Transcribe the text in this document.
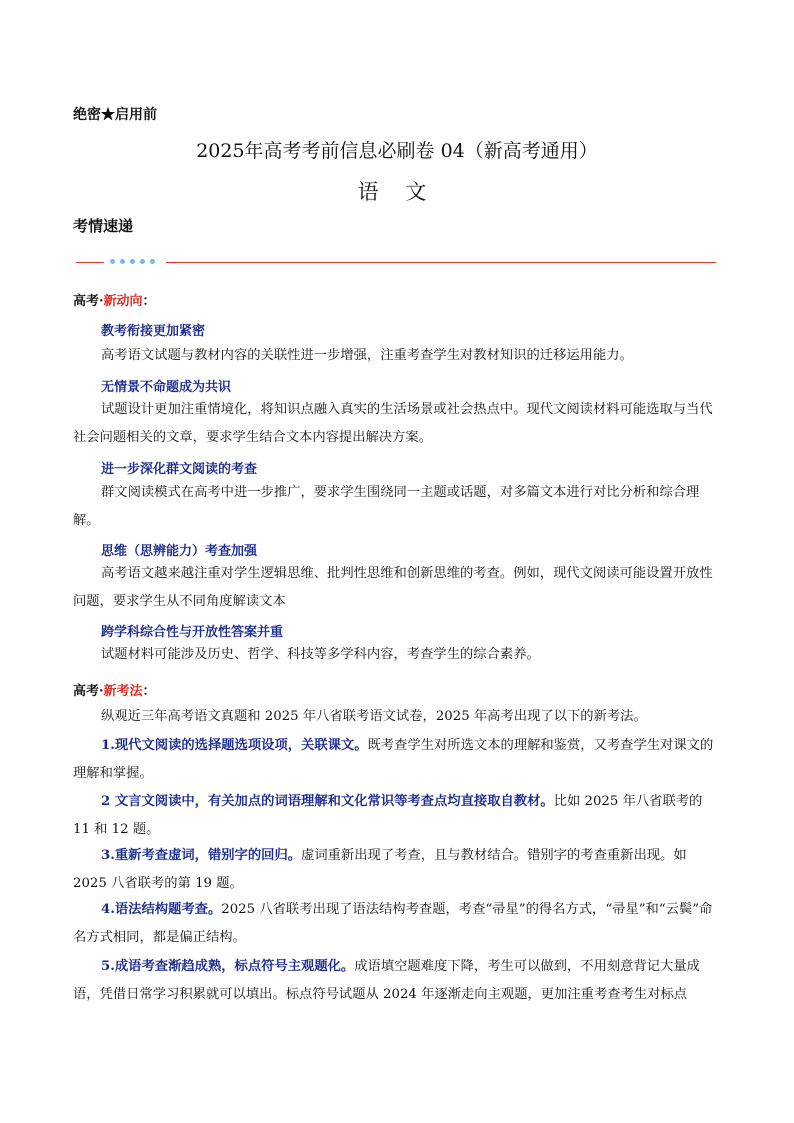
绝密★启用前
2025年高考考前信息必刷卷 04（新高考通用）
语 文
考情速递
高考·新动向：
教考衔接更加紧密
高考语文试题与教材内容的关联性进一步增强，注重考查学生对教材知识的迁移运用能力。
无情景不命题成为共识
试题设计更加注重情境化，将知识点融入真实的生活场景或社会热点中。现代文阅读材料可能选取与当代社会问题相关的文章，要求学生结合文本内容提出解决方案。
进一步深化群文阅读的考查
群文阅读模式在高考中进一步推广，要求学生围绕同一主题或话题，对多篇文本进行对比分析和综合理解。
思维（思辨能力）考查加强
高考语文越来越注重对学生逻辑思维、批判性思维和创新思维的考查。例如，现代文阅读可能设置开放性问题，要求学生从不同角度解读文本
跨学科综合性与开放性答案并重
试题材料可能涉及历史、哲学、科技等多学科内容，考查学生的综合素养。
高考·新考法：
纵观近三年高考语文真题和 2025 年八省联考语文试卷，2025 年高考出现了以下的新考法。
1.现代文阅读的选择题选项设项，关联课文。既考查学生对所选文本的理解和鉴赏，又考查学生对课文的理解和掌握。
2 文言文阅读中，有关加点的词语理解和文化常识等考查点均直接取自教材。比如 2025 年八省联考的 11 和 12 题。
3.重新考查虚词，错别字的回归。虚词重新出现了考查，且与教材结合。错别字的考查重新出现。如 2025 八省联考的第 19 题。
4.语法结构题考查。2025 八省联考出现了语法结构考查题，考查“帚星”的得名方式，“帚星”和“云鬓”命名方式相同，都是偏正结构。
5.成语考查渐趋成熟，标点符号主观题化。成语填空题难度下降，考生可以做到，不用刻意背记大量成语，凭借日常学习积累就可以填出。标点符号试题从 2024 年逐渐走向主观题，更加注重考查考生对标点
